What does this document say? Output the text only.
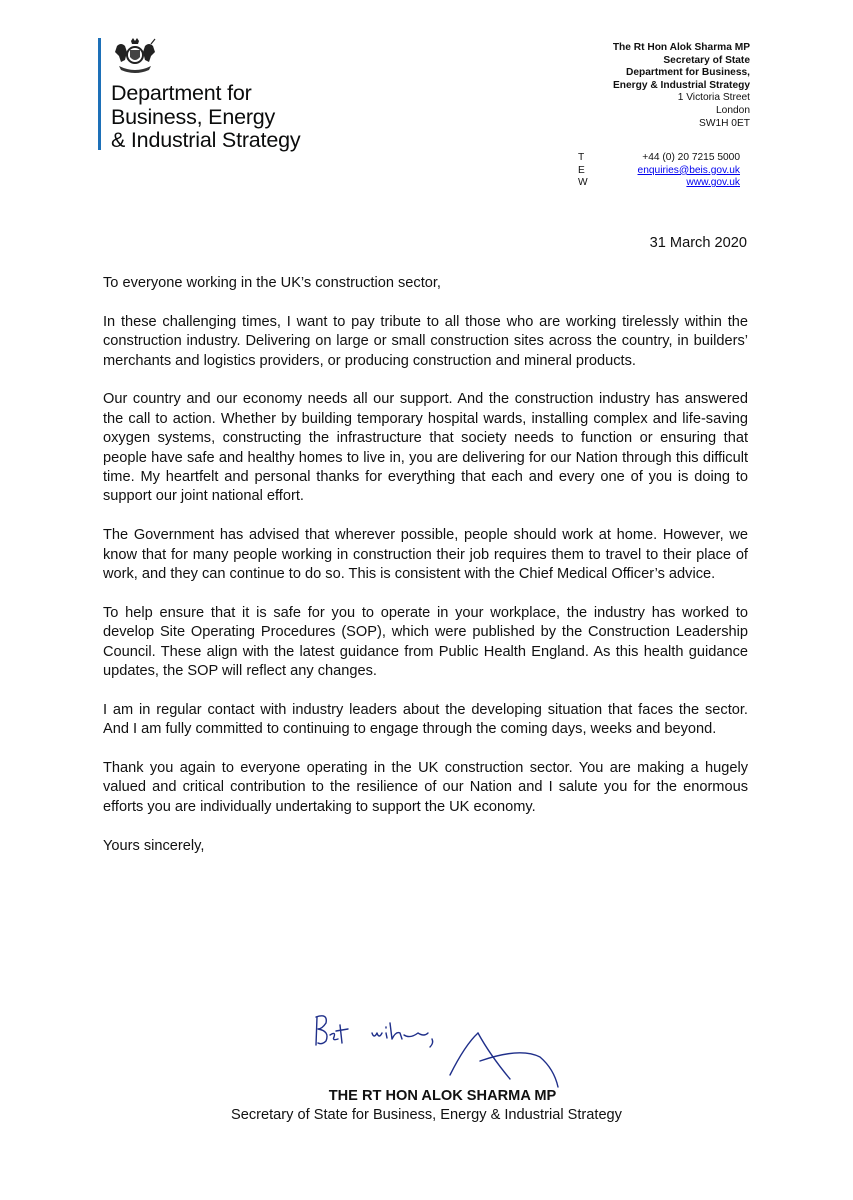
Department for
Business, Energy
& Industrial Strategy
The Rt Hon Alok Sharma MP
Secretary of State
Department for Business,
Energy & Industrial Strategy
1 Victoria Street
London
SW1H 0ET
T	+44 (0) 20 7215 5000
E	enquiries@beis.gov.uk
W	www.gov.uk
31 March 2020

To everyone working in the UK’s construction sector,

In these challenging times, I want to pay tribute to all those who are working tirelessly within the construction industry. Delivering on large or small construction sites across the country, in builders’ merchants and logistics providers, or producing construction and mineral products.

Our country and our economy needs all our support. And the construction industry has answered the call to action. Whether by building temporary hospital wards, installing complex and life-saving oxygen systems, constructing the infrastructure that society needs to function or ensuring that people have safe and healthy homes to live in, you are delivering for our Nation through this difficult time. My heartfelt and personal thanks for everything that each and every one of you is doing to support our joint national effort.

The Government has advised that wherever possible, people should work at home. However, we know that for many people working in construction their job requires them to travel to their place of work, and they can continue to do so. This is consistent with the Chief Medical Officer’s advice.

To help ensure that it is safe for you to operate in your workplace, the industry has worked to develop Site Operating Procedures (SOP), which were published by the Construction Leadership Council. These align with the latest guidance from Public Health England. As this health guidance updates, the SOP will reflect any changes.

I am in regular contact with industry leaders about the developing situation that faces the sector. And I am fully committed to continuing to engage through the coming days, weeks and beyond.

Thank you again to everyone operating in the UK construction sector. You are making a hugely valued and critical contribution to the resilience of our Nation and I salute you for the enormous efforts you are individually undertaking to support the UK economy.

Yours sincerely,

THE RT HON ALOK SHARMA MP
Secretary of State for Business, Energy & Industrial Strategy
